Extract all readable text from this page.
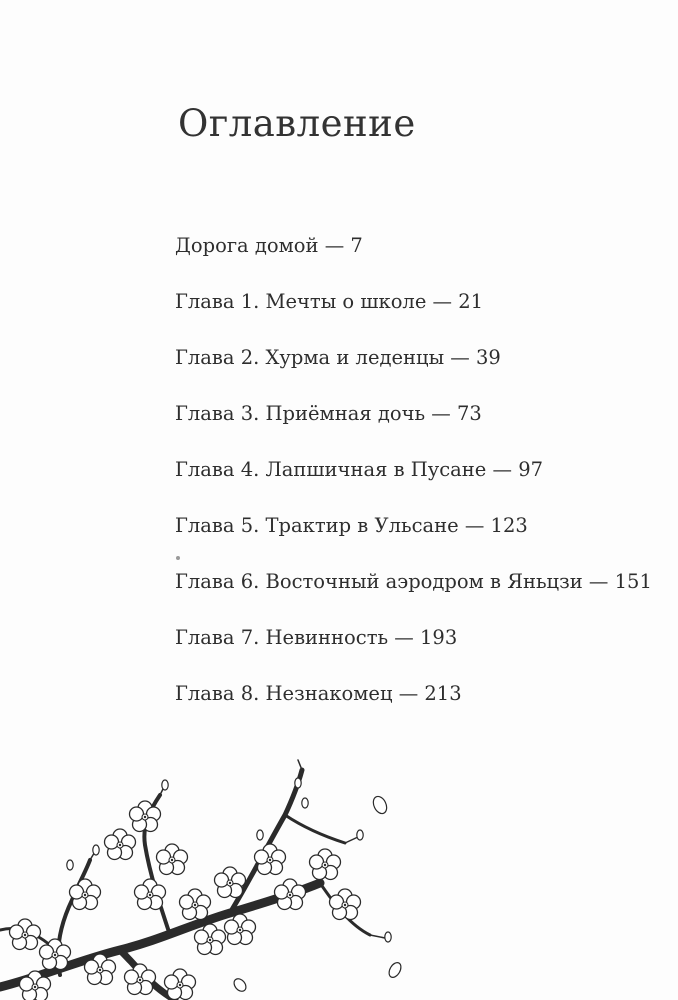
Оглавление
Дорога домой — 7
Глава 1. Мечты о школе — 21
Глава 2. Хурма и леденцы — 39
Глава 3. Приёмная дочь — 73
Глава 4. Лапшичная в Пусане — 97
Глава 5. Трактир в Ульсане — 123
Глава 6. Восточный аэродром в Яньцзи — 151
Глава 7. Невинность — 193
Глава 8. Незнакомец — 213
